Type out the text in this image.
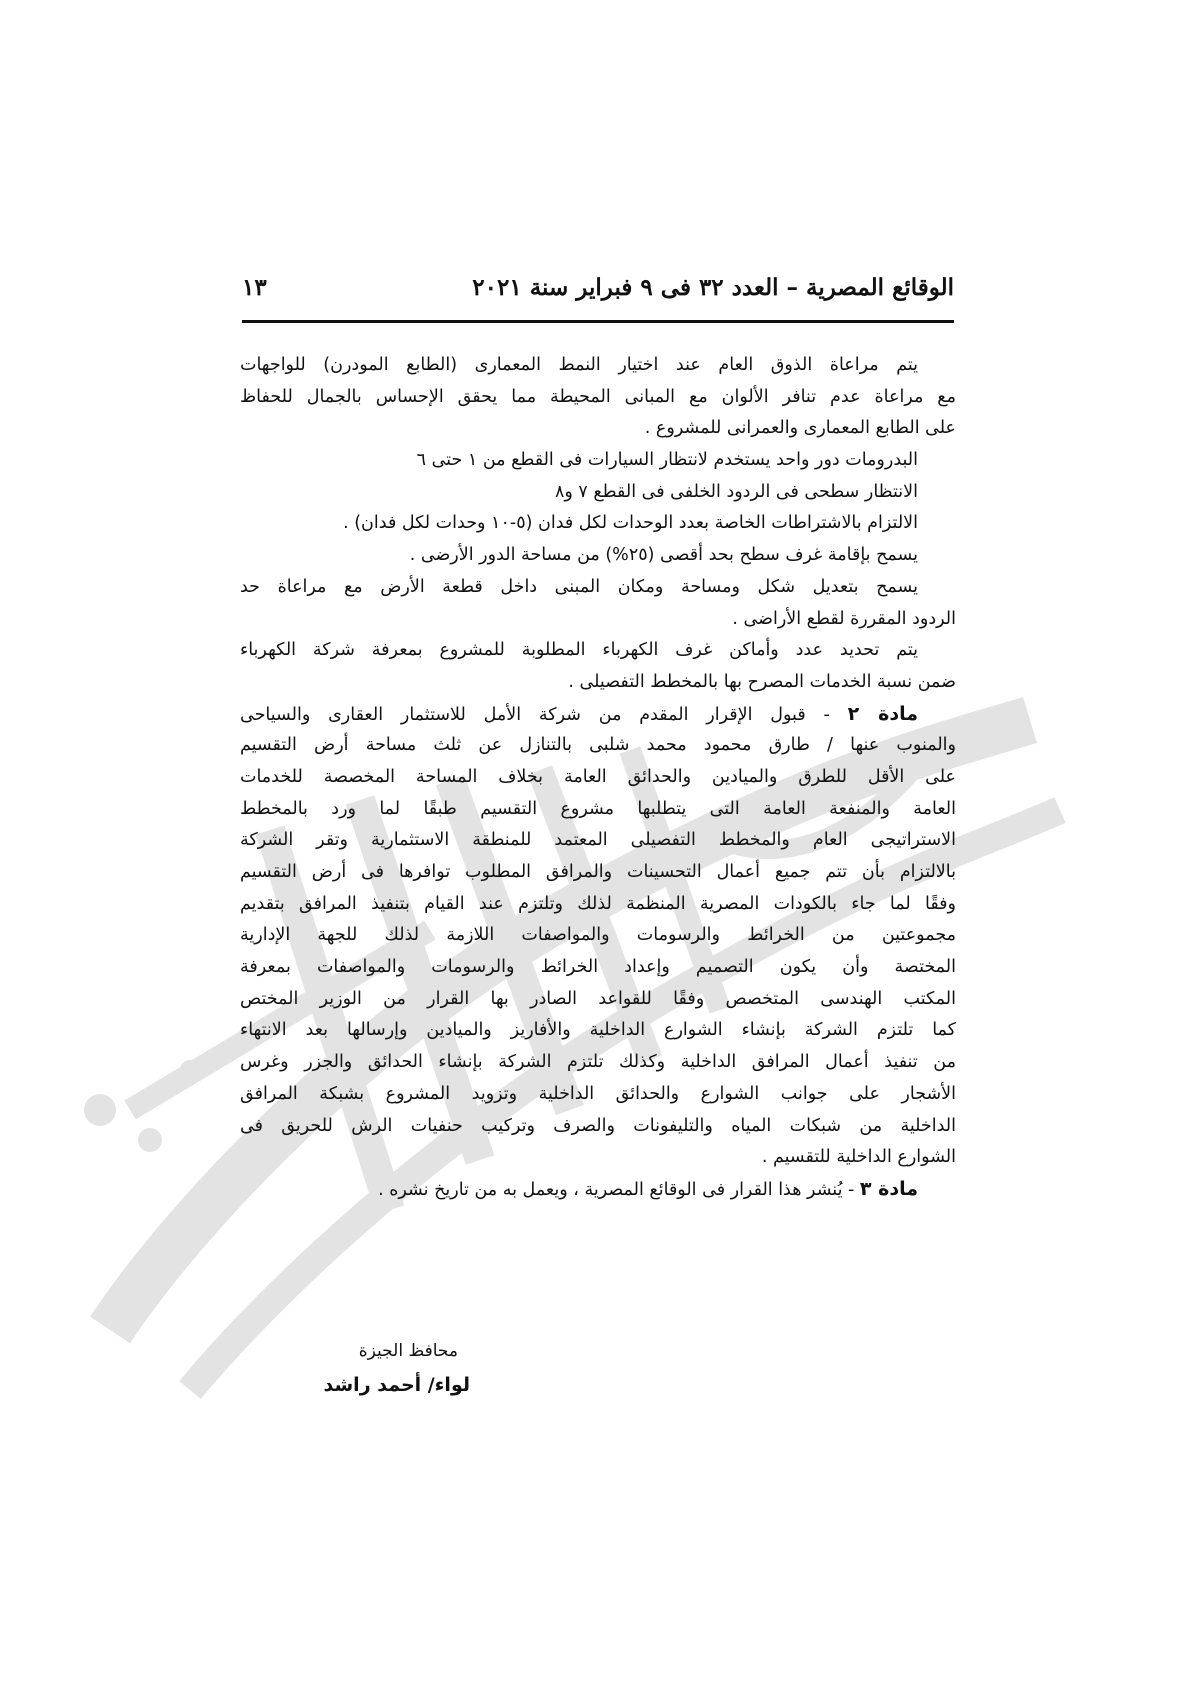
الوقائع المصرية – العدد ٣٢ فى ٩ فبراير سنة ٢٠٢١
١٣
يتم مراعاة الذوق العام عند اختيار النمط المعمارى (الطابع المودرن) للواجهات
مع مراعاة عدم تنافر الألوان مع المبانى المحيطة مما يحقق الإحساس بالجمال للحفاظ
على الطابع المعمارى والعمرانى للمشروع .
البدرومات دور واحد يستخدم لانتظار السيارات فى القطع من ١ حتى ٦
الانتظار سطحى فى الردود الخلفى فى القطع ٧ و٨
الالتزام بالاشتراطات الخاصة بعدد الوحدات لكل فدان (٥-١٠ وحدات لكل فدان) .
يسمح بإقامة غرف سطح بحد أقصى (٢٥%) من مساحة الدور الأرضى .
يسمح بتعديل شكل ومساحة ومكان المبنى داخل قطعة الأرض مع مراعاة حد
الردود المقررة لقطع الأراضى .
يتم تحديد عدد وأماكن غرف الكهرباء المطلوبة للمشروع بمعرفة شركة الكهرباء
ضمن نسبة الخدمات المصرح بها بالمخطط التفصيلى .
مادة ٢ - قبول الإقرار المقدم من شركة الأمل للاستثمار العقارى والسياحى
والمنوب عنها / طارق محمود محمد شلبى بالتنازل عن ثلث مساحة أرض التقسيم
على الأقل للطرق والميادين والحدائق العامة بخلاف المساحة المخصصة للخدمات
العامة والمنفعة العامة التى يتطلبها مشروع التقسيم طبقًا لما ورد بالمخطط
الاستراتيجى العام والمخطط التفصيلى المعتمد للمنطقة الاستثمارية وتقر الشركة
بالالتزام بأن تتم جميع أعمال التحسينات والمرافق المطلوب توافرها فى أرض التقسيم
وفقًا لما جاء بالكودات المصرية المنظمة لذلك وتلتزم عند القيام بتنفيذ المرافق بتقديم
مجموعتين من الخرائط والرسومات والمواصفات اللازمة لذلك للجهة الإدارية
المختصة وأن يكون التصميم وإعداد الخرائط والرسومات والمواصفات بمعرفة
المكتب الهندسى المتخصص وفقًا للقواعد الصادر بها القرار من الوزير المختص
كما تلتزم الشركة بإنشاء الشوارع الداخلية والأفاريز والميادين وإرسالها بعد الانتهاء
من تنفيذ أعمال المرافق الداخلية وكذلك تلتزم الشركة بإنشاء الحدائق والجزر وغرس
الأشجار على جوانب الشوارع والحدائق الداخلية وتزويد المشروع بشبكة المرافق
الداخلية من شبكات المياه والتليفونات والصرف وتركيب حنفيات الرش للحريق فى
الشوارع الداخلية للتقسيم .
مادة ٣ - يُنشر هذا القرار فى الوقائع المصرية ، ويعمل به من تاريخ نشره .
محافظ الجيزة
لواء/ أحمد راشد
